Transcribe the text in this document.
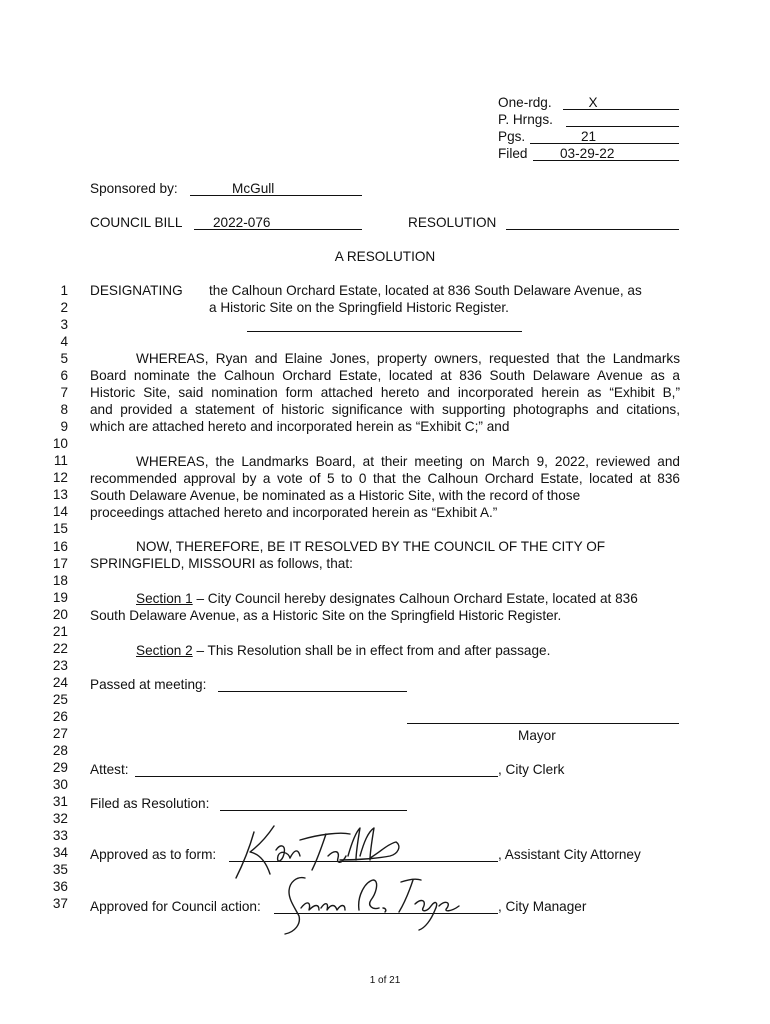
One-rdg.	X
P. Hrngs.
Pgs.	21
Filed 03-29-22
Sponsored by:	McGull
COUNCIL BILL 2022-076	RESOLUTION
A RESOLUTION
1
2
3
4
5
6
7
8
9
10
11
12
13
14
15
16
17
18
19
20
21
22
23
24
25
26
27
28
29
30
31
32
33
34
35
36
37
DESIGNATING the Calhoun Orchard Estate, located at 836 South Delaware Avenue, as
a Historic Site on the Springfield Historic Register.
WHEREAS, Ryan and Elaine Jones, property owners, requested that the Landmarks
Board nominate the Calhoun Orchard Estate, located at 836 South Delaware Avenue as a
Historic Site, said nomination form attached hereto and incorporated herein as “Exhibit B,”
and provided a statement of historic significance with supporting photographs and citations,
which are attached hereto and incorporated herein as “Exhibit C;” and
WHEREAS, the Landmarks Board, at their meeting on March 9, 2022, reviewed and
recommended approval by a vote of 5 to 0 that the Calhoun Orchard Estate, located at 836
South Delaware Avenue, be nominated as a Historic Site, with the record of those
proceedings attached hereto and incorporated herein as “Exhibit A.”
NOW, THEREFORE, BE IT RESOLVED BY THE COUNCIL OF THE CITY OF
SPRINGFIELD, MISSOURI as follows, that:
Section 1 – City Council hereby designates Calhoun Orchard Estate, located at 836
South Delaware Avenue, as a Historic Site on the Springfield Historic Register.
Section 2 – This Resolution shall be in effect from and after passage.
Passed at meeting:
Mayor
Attest:	, City Clerk
Filed as Resolution:
Approved as to form:	, Assistant City Attorney
Approved for Council action:	, City Manager
1 of 21
